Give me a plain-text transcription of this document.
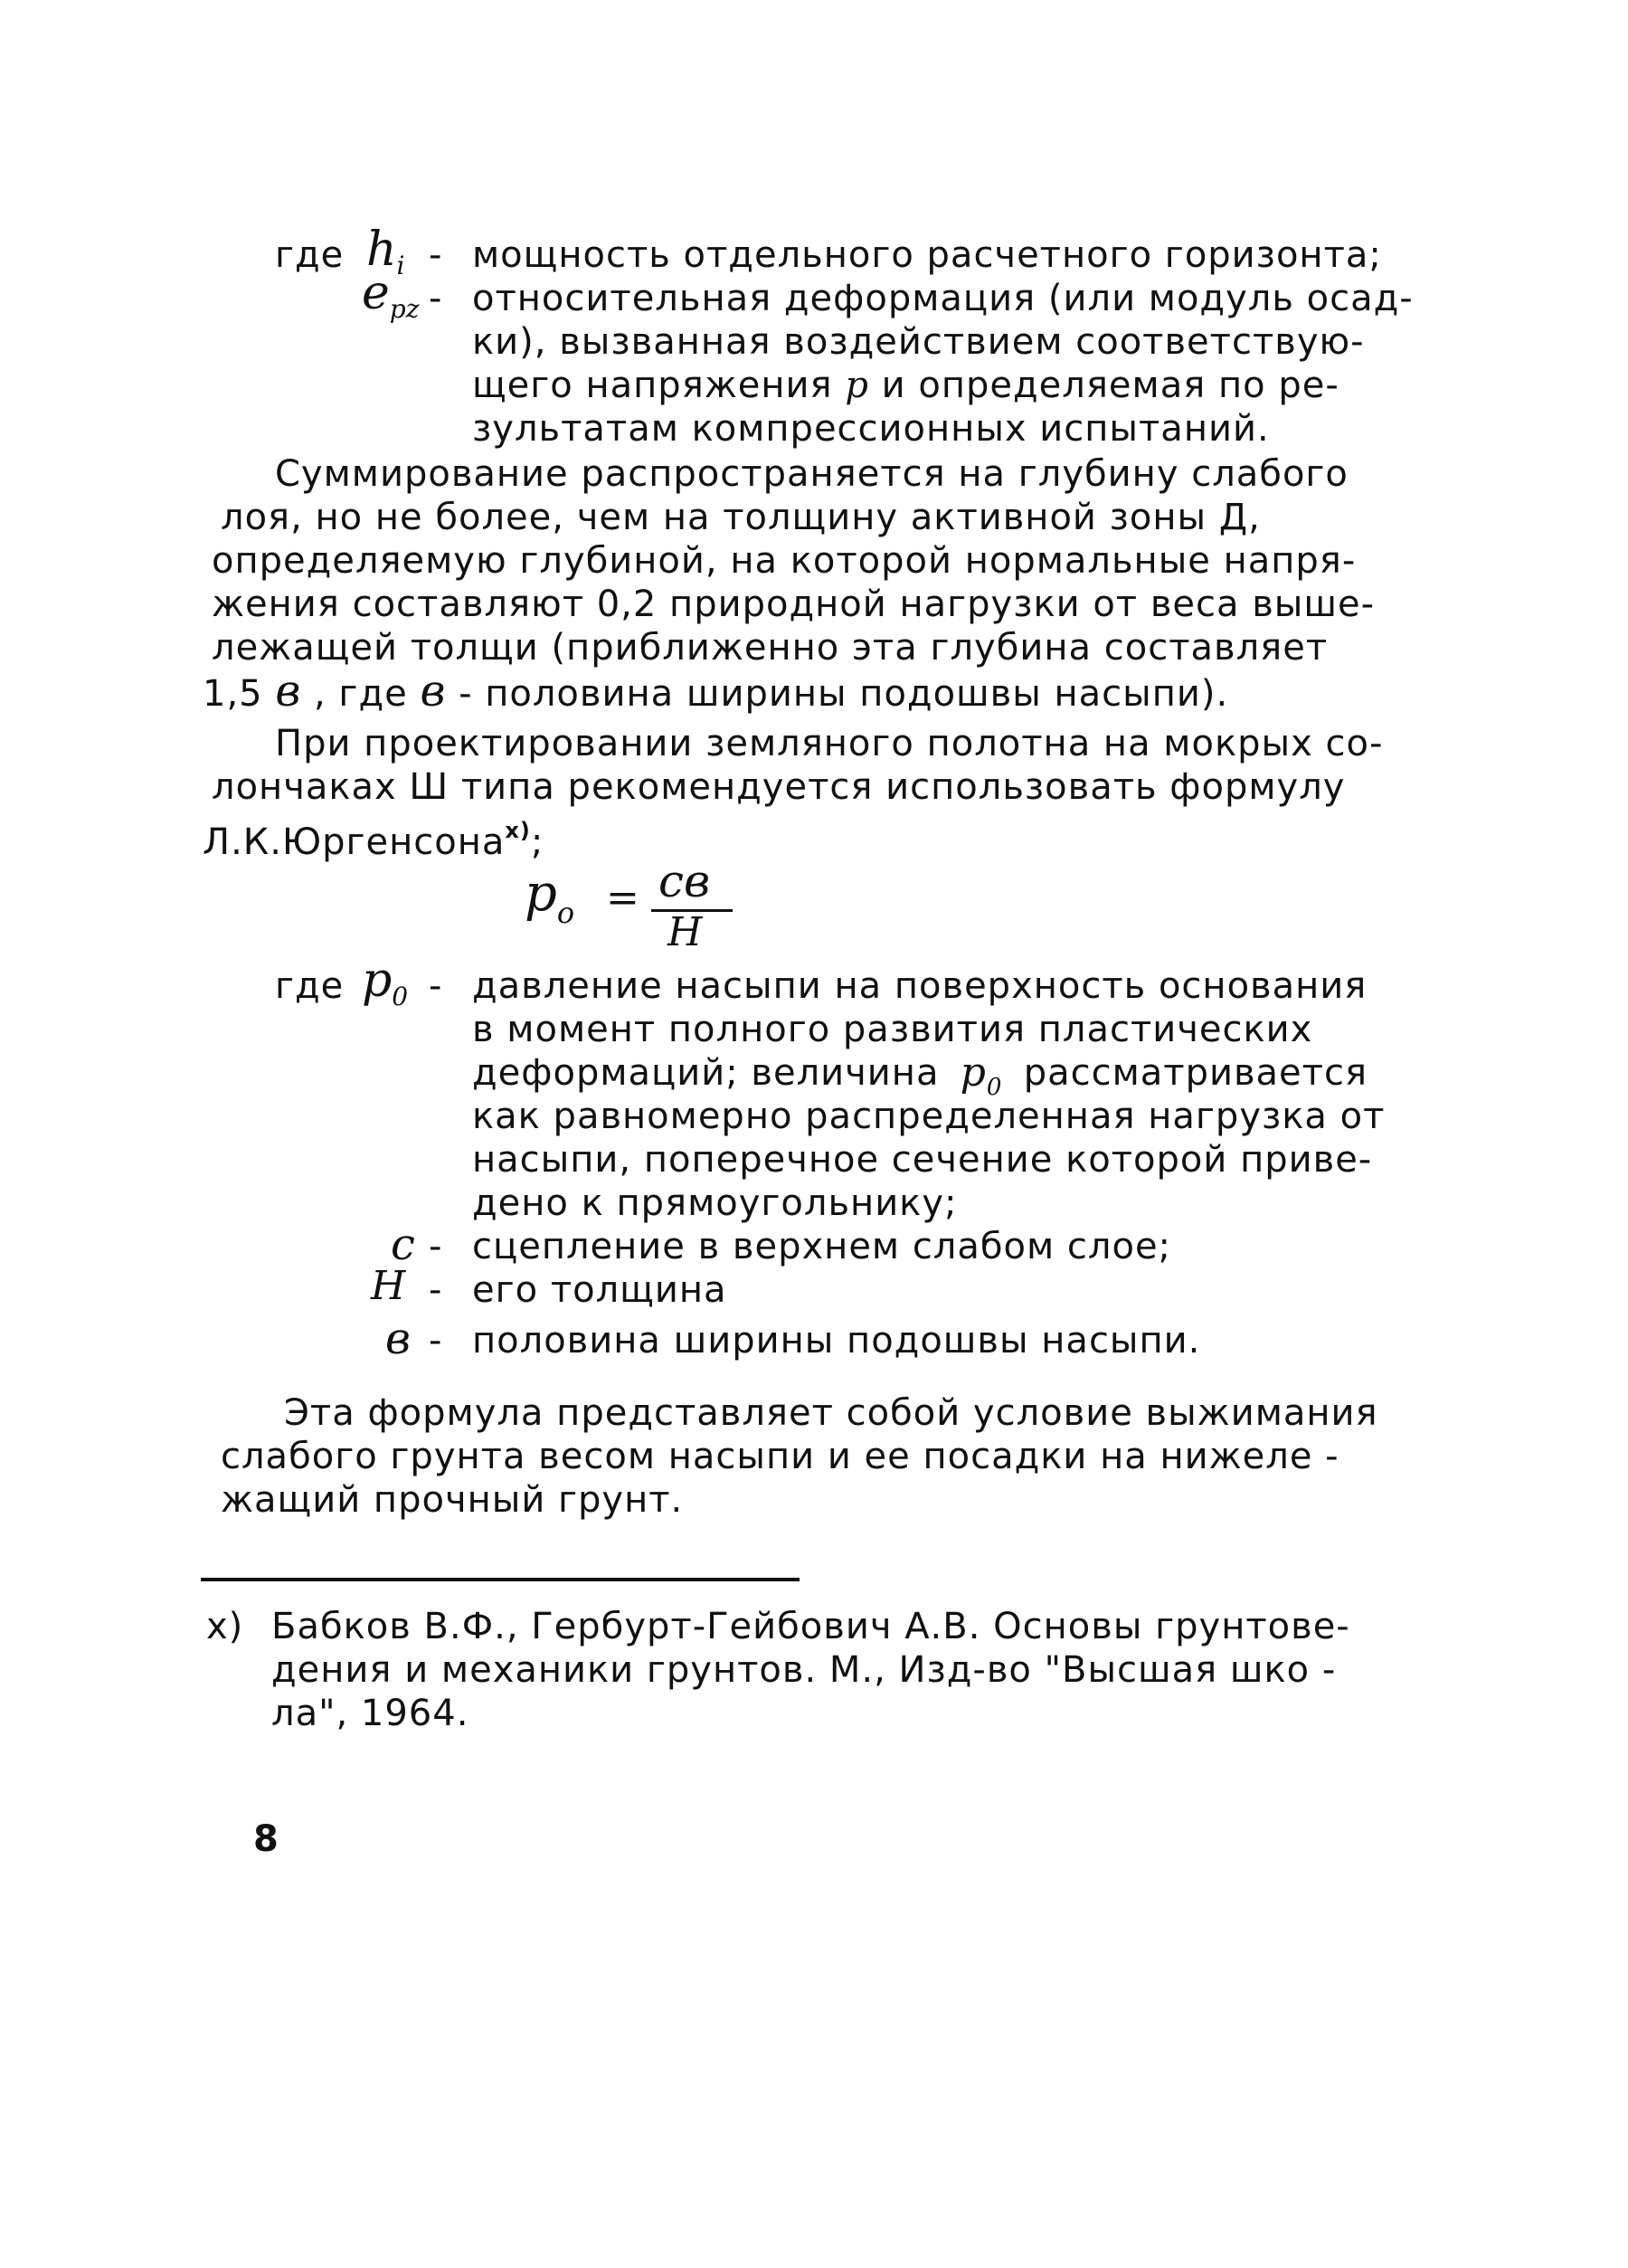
где $h_i$ - мощность отдельного расчетного горизонта;
$e_{pz}$ - относительная деформация (или модуль осад-
ки), вызванная воздействием соответствую-
щего напряжения p и определяемая по ре-
зультатам компрессионных испытаний.
Суммирование распространяется на глубину слабого
лоя, но не более, чем на толщину активной зоны Д,
определяемую глубиной, на которой нормальные напря-
жения составляют 0,2 природной нагрузки от веса выше-
лежащей толщи (приближенно эта глубина составляет
1,5 в , где в - половина ширины подошвы насыпи).
При проектировании земляного полотна на мокрых со-
лончаках Ш типа рекомендуется использовать формулу
Л.К.Юргенсона$^{х)}$;
$p_o$ = св
H
где $p_0$ - давление насыпи на поверхность основания
в момент полного развития пластических
деформаций; величина $p_0$ рассматривается
как равномерно распределенная нагрузка от
насыпи, поперечное сечение которой приве-
дено к прямоугольнику;
c - сцепление в верхнем слабом слое;
H - его толщина
в - половина ширины подошвы насыпи.
Эта формула представляет собой условие выжимания
слабого грунта весом насыпи и ее посадки на нижеле -
жащий прочный грунт.
х) Бабков В.Ф., Гербурт-Гейбович А.В. Основы грунтове-
дения и механики грунтов. М., Изд-во "Высшая шко -
ла", 1964.
8
